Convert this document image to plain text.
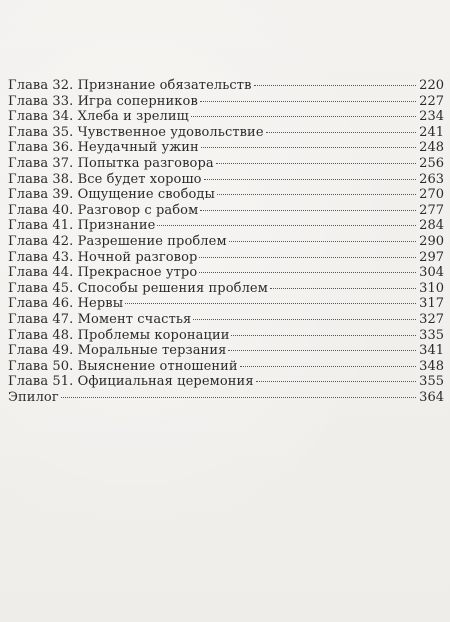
Глава 32. Признание обязательств	220
Глава 33. Игра соперников	227
Глава 34. Хлеба и зрелищ	234
Глава 35. Чувственное удовольствие	241
Глава 36. Неудачный ужин	248
Глава 37. Попытка разговора	256
Глава 38. Все будет хорошо	263
Глава 39. Ощущение свободы	270
Глава 40. Разговор с рабом	277
Глава 41. Признание	284
Глава 42. Разрешение проблем	290
Глава 43. Ночной разговор	297
Глава 44. Прекрасное утро	304
Глава 45. Способы решения проблем	310
Глава 46. Нервы	317
Глава 47. Момент счастья	327
Глава 48. Проблемы коронации	335
Глава 49. Моральные терзания	341
Глава 50. Выяснение отношений	348
Глава 51. Официальная церемония	355
Эпилог	364
